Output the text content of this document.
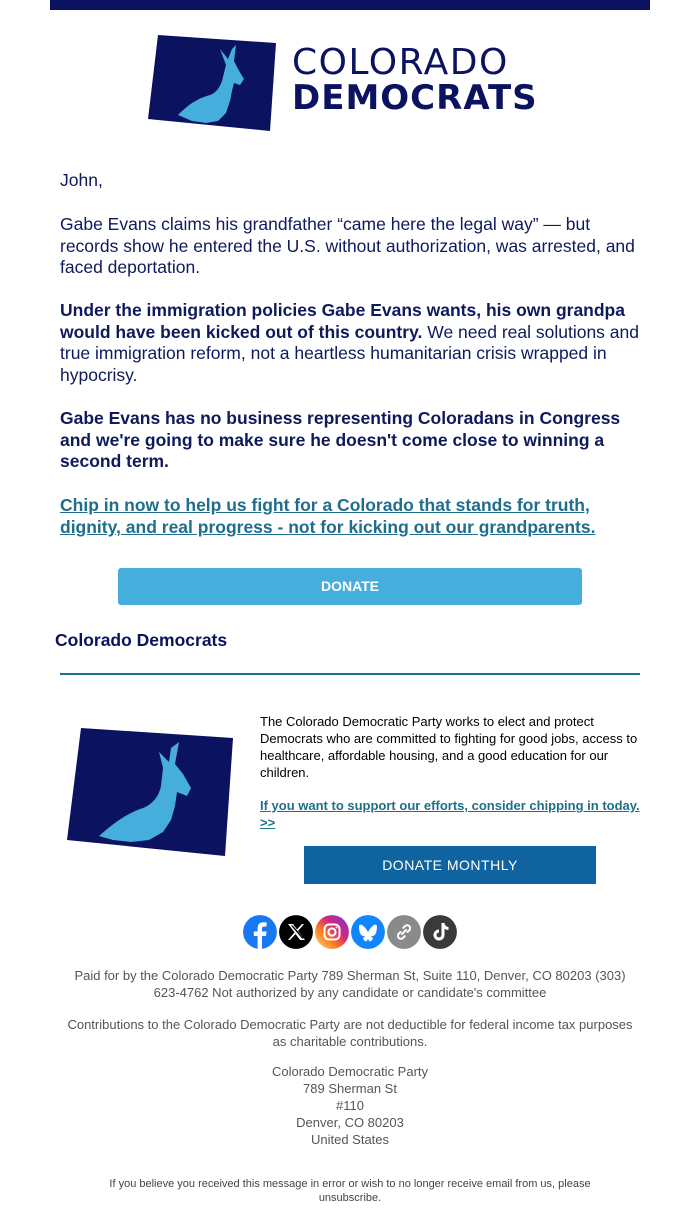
COLORADO
DEMOCRATS

John,

Gabe Evans claims his grandfather “came here the legal way” — but records show he entered the U.S. without authorization, was arrested, and faced deportation.

Under the immigration policies Gabe Evans wants, his own grandpa would have been kicked out of this country. We need real solutions and true immigration reform, not a heartless humanitarian crisis wrapped in hypocrisy.

Gabe Evans has no business representing Coloradans in Congress and we're going to make sure he doesn't come close to winning a second term.

Chip in now to help us fight for a Colorado that stands for truth, dignity, and real progress - not for kicking out our grandparents.
DONATE
Colorado Democrats

The Colorado Democratic Party works to elect and protect Democrats who are committed to fighting for good jobs, access to healthcare, affordable housing, and a good education for our children.

If you want to support our efforts, consider chipping in today. >>
DONATE MONTHLY

Paid for by the Colorado Democratic Party 789 Sherman St, Suite 110, Denver, CO 80203 (303) 623-4762 Not authorized by any candidate or candidate's committee

Contributions to the Colorado Democratic Party are not deductible for federal income tax purposes as charitable contributions.

Colorado Democratic Party
789 Sherman St
#110
Denver, CO 80203
United States

If you believe you received this message in error or wish to no longer receive email from us, please unsubscribe.
